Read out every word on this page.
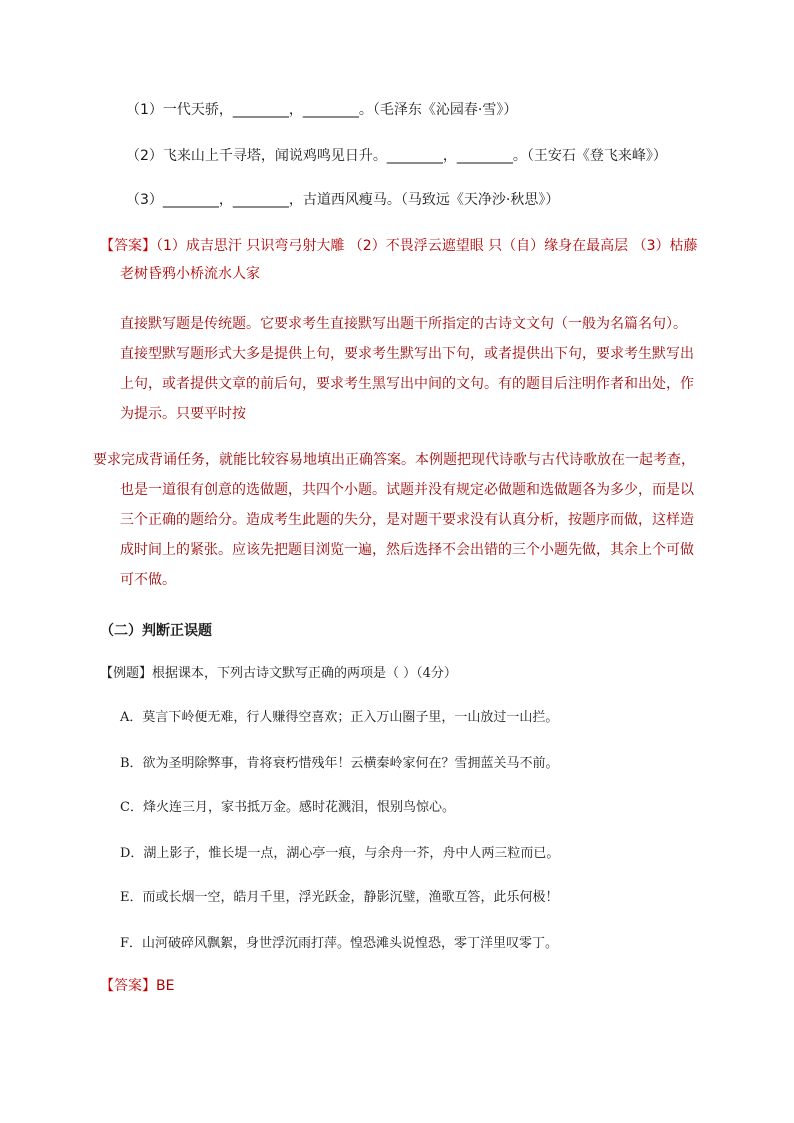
（1）一代天骄，________，________。（毛泽东《沁园春·雪》）
（2）飞来山上千寻塔，闻说鸡鸣见日升。________，________。（王安石《登飞来峰》）
（3）________，________，古道西风瘦马。（马致远《天净沙·秋思》）
【答案】（1）成吉思汗 只识弯弓射大雕 （2）不畏浮云遮望眼 只（自）缘身在最高层 （3）枯藤
老树昏鸦小桥流水人家
直接默写题是传统题。它要求考生直接默写出题干所指定的古诗文文句（一般为名篇名句）。
直接型默写题形式大多是提供上句，要求考生默写出下句，或者提供出下句，要求考生默写出
上句，或者提供文章的前后句，要求考生黑写出中间的文句。有的题目后注明作者和出处，作
为提示。只要平时按
要求完成背诵任务，就能比较容易地填出正确答案。本例题把现代诗歌与古代诗歌放在一起考查，
也是一道很有创意的选做题，共四个小题。试题并没有规定必做题和选做题各为多少，而是以
三个正确的题给分。造成考生此题的失分，是对题干要求没有认真分析，按题序而做，这样造
成时间上的紧张。应该先把题目浏览一遍，然后选择不会出错的三个小题先做，其余上个可做
可不做。
（二）判断正误题
【例题】根据课本，下列古诗文默写正确的两项是（ ）（4分）
A．莫言下岭便无难，行人赚得空喜欢；正入万山圈子里，一山放过一山拦。
B．欲为圣明除弊事，肯将衰朽惜残年！云横秦岭家何在？雪拥蓝关马不前。
C．烽火连三月，家书抵万金。感时花溅泪，恨别鸟惊心。
D．湖上影子，惟长堤一点，湖心亭一痕，与余舟一芥，舟中人两三粒而已。
E．而或长烟一空，皓月千里，浮光跃金，静影沉璧，渔歌互答，此乐何极！
F．山河破碎风飘絮，身世浮沉雨打萍。惶恐滩头说惶恐，零丁洋里叹零丁。
【答案】BE
